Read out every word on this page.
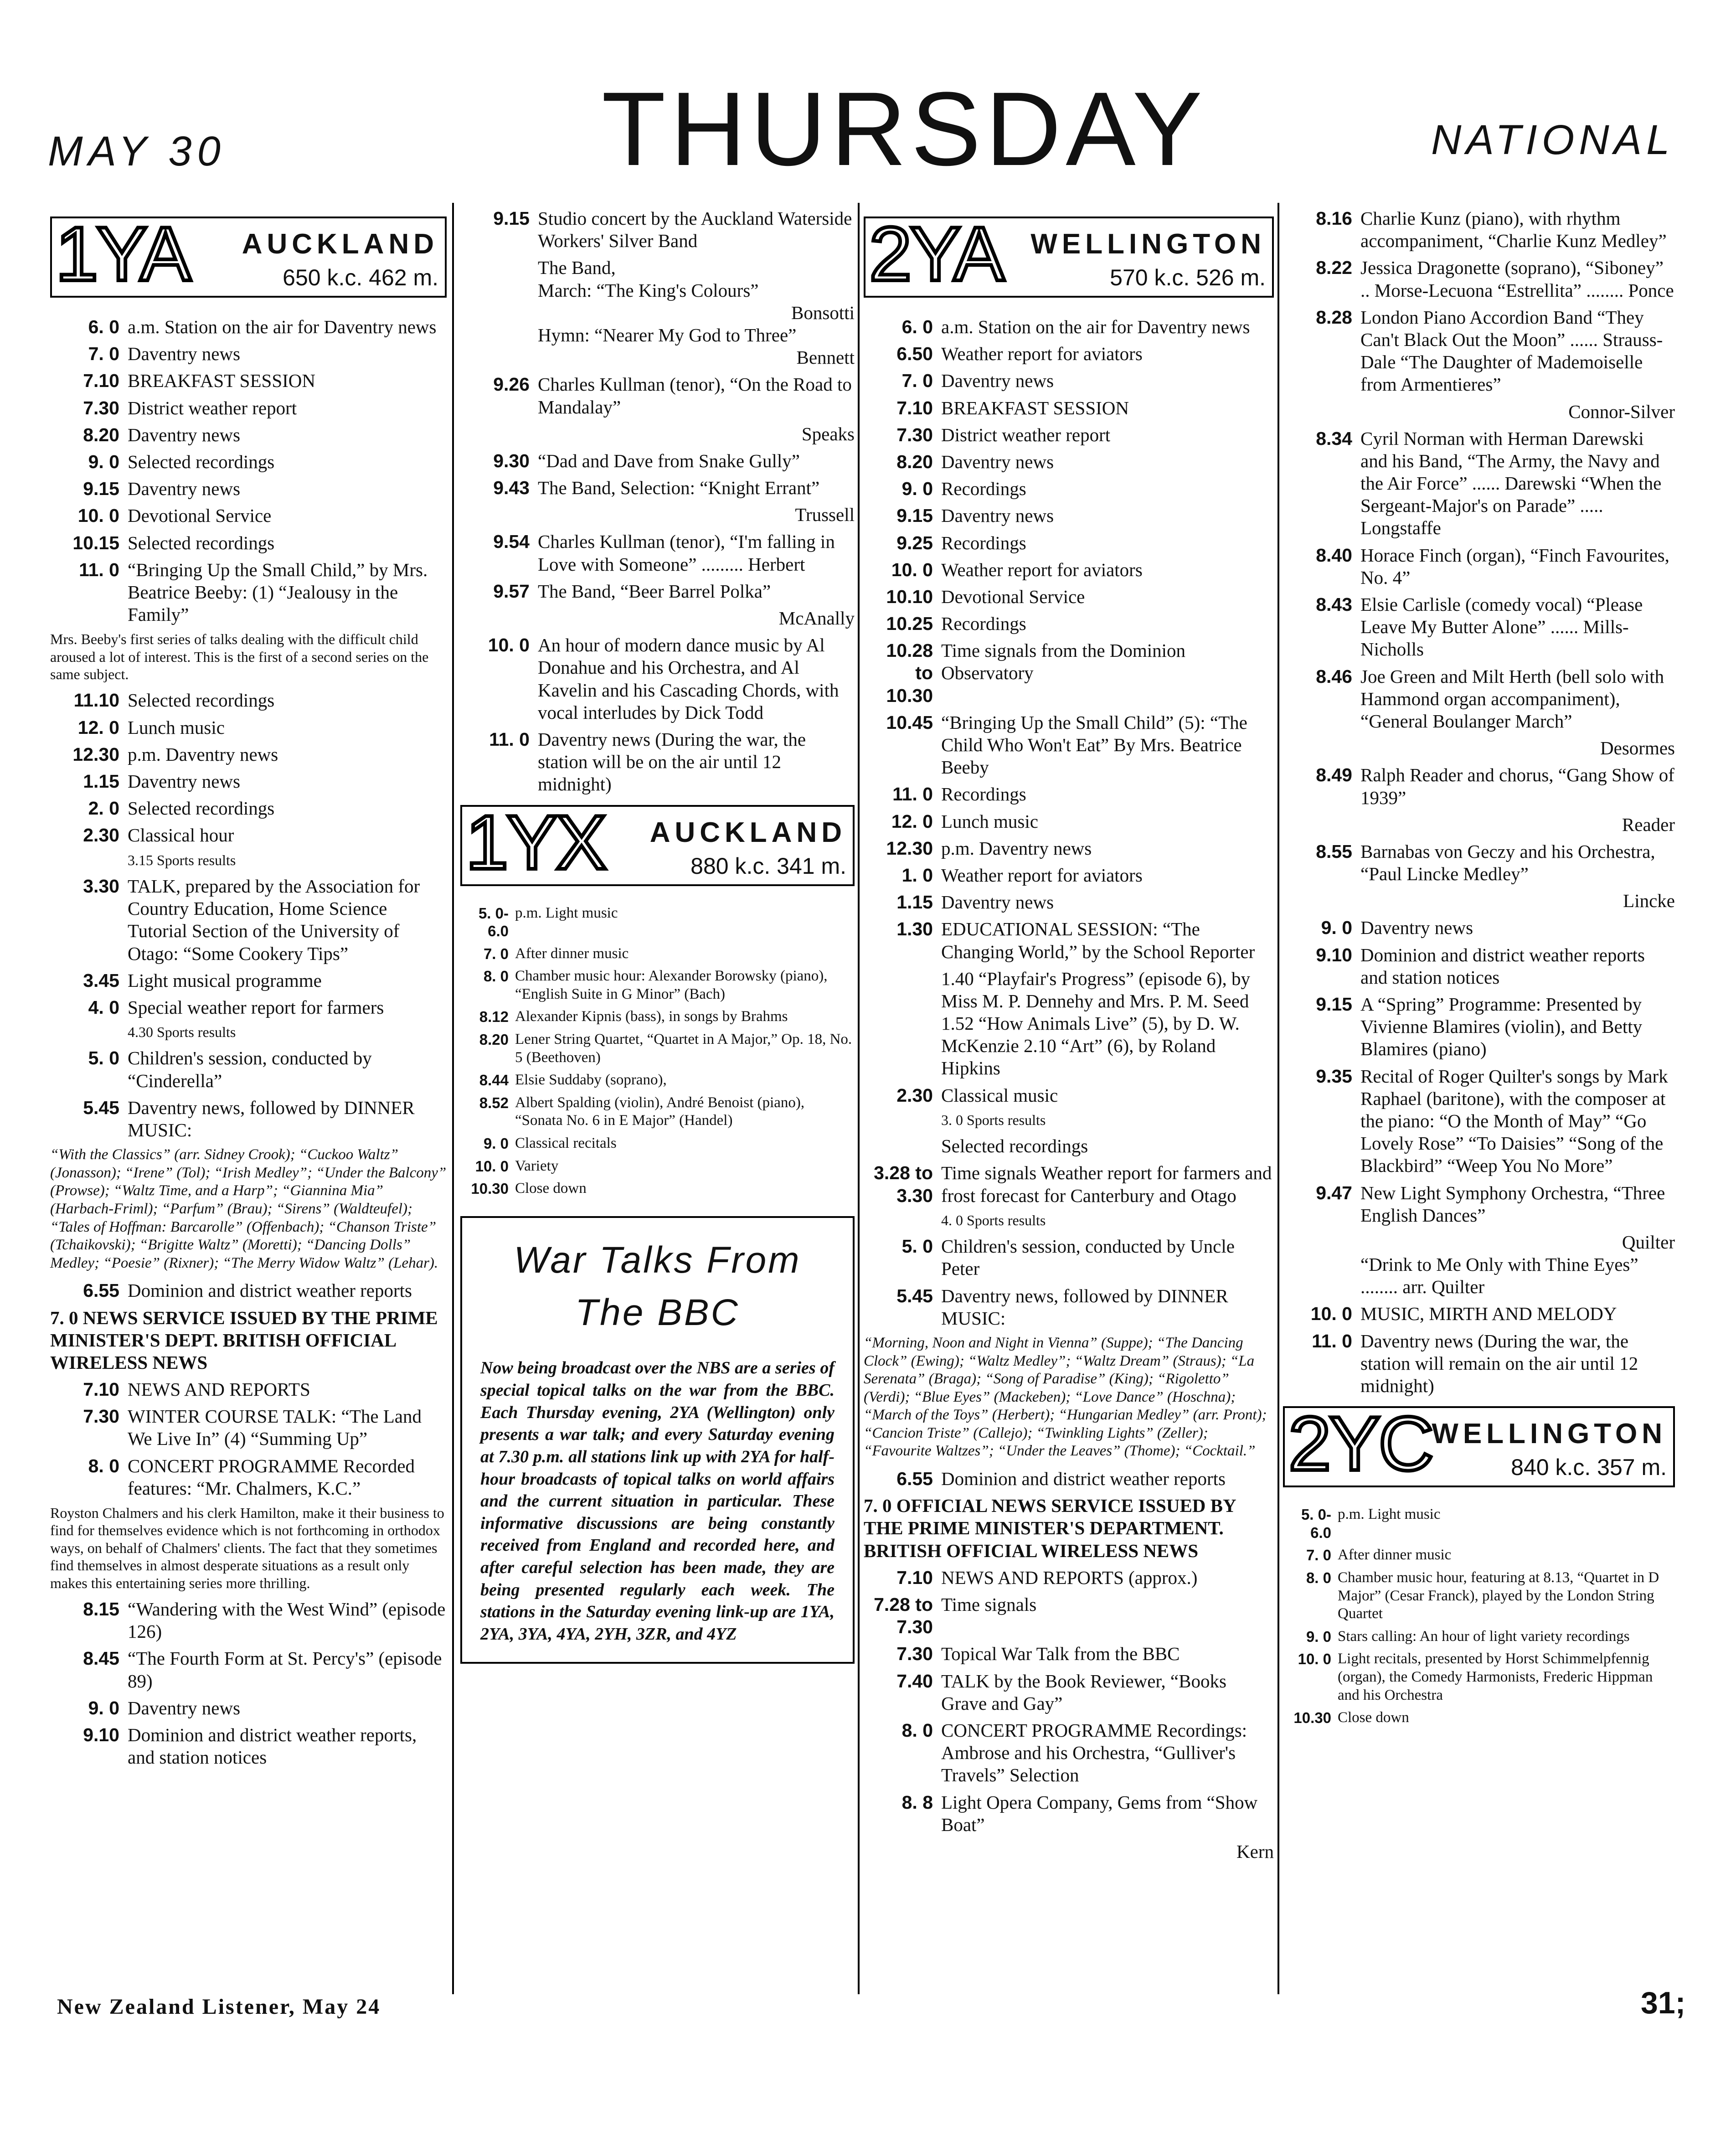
THURSDAY
MAY 30	NATIONAL
1YA AUCKLAND
650 k.c. 462 m.
6. 0 a.m. Station on the air for Daventry news
7. 0 Daventry news
7.10 BREAKFAST SESSION
7.30 District weather report
8.20 Daventry news
9. 0 Selected recordings
9.15 Daventry news
10. 0 Devotional Service
10.15 Selected recordings
11. 0 “Bringing Up the Small Child,” by Mrs. Beatrice Beeby: (1) “Jealousy in the Family”
Mrs. Beeby's first series of talks dealing with the difficult child aroused a lot of interest. This is the first of a second series on the same subject.
11.10 Selected recordings
12. 0 Lunch music
12.30 p.m. Daventry news
1.15 Daventry news
2. 0 Selected recordings
2.30 Classical hour
3.15 Sports results
3.30 TALK, prepared by the Association for Country Education, Home Science Tutorial Section of the University of Otago: “Some Cookery Tips”
3.45 Light musical programme
4. 0 Special weather report for farmers
4.30 Sports results
5. 0 Children's session, conducted by “Cinderella”
5.45 Daventry news, followed by DINNER MUSIC:
“With the Classics” (arr. Sidney Crook); “Cuckoo Waltz” (Jonasson); “Irene” (Tol); “Irish Medley”; “Under the Balcony” (Prowse); “Waltz Time, and a Harp”; “Giannina Mia” (Harbach-Friml); “Parfum” (Brau); “Sirens” (Waldteufel); “Tales of Hoffman: Barcarolle” (Offenbach); “Chanson Triste” (Tchaikovski); “Brigitte Waltz” (Moretti); “Dancing Dolls” Medley; “Poesie” (Rixner); “The Merry Widow Waltz” (Lehar).
6.55 Dominion and district weather reports
7. 0 NEWS SERVICE ISSUED BY THE PRIME MINISTER'S DEPT. BRITISH OFFICIAL WIRELESS NEWS
7.10 NEWS AND REPORTS
7.30 WINTER COURSE TALK: “The Land We Live In” (4) “Summing Up”
8. 0 CONCERT PROGRAMME Recorded features: “Mr. Chalmers, K.C.”
Royston Chalmers and his clerk Hamilton, make it their business to find for themselves evidence which is not forthcoming in orthodox ways, on behalf of Chalmers' clients. The fact that they sometimes find themselves in almost desperate situations as a result only makes this entertaining series more thrilling.
8.15 “Wandering with the West Wind” (episode 126)
8.45 “The Fourth Form at St. Percy's” (episode 89)
9. 0 Daventry news
9.10 Dominion and district weather reports, and station notices
9.15 Studio concert by the Auckland Waterside Workers' Silver Band
The Band,
March: “The King's Colours”
Bonsotti
Hymn: “Nearer My God to Three”
Bennett
9.26 Charles Kullman (tenor), “On the Road to Mandalay”
Speaks
9.30 “Dad and Dave from Snake Gully”
9.43 The Band, Selection: “Knight Errant”
Trussell
9.54 Charles Kullman (tenor), “I'm falling in Love with Someone” ......... Herbert
9.57 The Band, “Beer Barrel Polka”
McAnally
10. 0 An hour of modern dance music by Al Donahue and his Orchestra, and Al Kavelin and his Cascading Chords, with vocal interludes by Dick Todd
11. 0 Daventry news (During the war, the station will be on the air until 12 midnight)
1YX AUCKLAND
880 k.c. 341 m.
5. 0-6.0
p.m. Light music
7. 0 After dinner music
8. 0 Chamber music hour: Alexander Borowsky (piano), “English Suite in G Minor” (Bach)
8.12 Alexander Kipnis (bass), in songs by Brahms
8.20 Lener String Quartet, “Quartet in A Major,” Op. 18, No. 5 (Beethoven)
8.44 Elsie Suddaby (soprano),
8.52 Albert Spalding (violin), André Benoist (piano), “Sonata No. 6 in E Major” (Handel)
9. 0 Classical recitals
10. 0 Variety
10.30 Close down
War Talks From
The BBC
Now being broadcast over the NBS are a series of special topical talks on the war from the BBC. Each Thursday evening, 2YA (Wellington) only presents a war talk; and every Saturday evening at 7.30 p.m. all stations link up with 2YA for half-hour broadcasts of topical talks on world affairs and the current situation in particular. These informative discussions are being constantly received from England and recorded here, and after careful selection has been made, they are being presented regularly each week. The stations in the Saturday evening link-up are 1YA, 2YA, 3YA, 4YA, 2YH, 3ZR, and 4YZ
2YA WELLINGTON
570 k.c. 526 m.
6. 0 a.m. Station on the air for Daventry news
6.50 Weather report for aviators
7. 0 Daventry news
7.10 BREAKFAST SESSION
7.30 District weather report
8.20 Daventry news
9. 0 Recordings
9.15 Daventry news
9.25 Recordings
10. 0 Weather report for aviators
10.10 Devotional Service
10.25 Recordings
10.28 to 10.30
Time signals from the Dominion Observatory
10.45 “Bringing Up the Small Child” (5): “The Child Who Won't Eat” By Mrs. Beatrice Beeby
11. 0 Recordings
12. 0 Lunch music
12.30 p.m. Daventry news
1. 0 Weather report for aviators
1.15 Daventry news
1.30 EDUCATIONAL SESSION: “The Changing World,” by the School Reporter
1.40 “Playfair's Progress” (episode 6), by Miss M. P. Dennehy and Mrs. P. M. Seed 1.52 “How Animals Live” (5), by D. W. McKenzie 2.10 “Art” (6), by Roland Hipkins
2.30 Classical music
3. 0 Sports results
Selected recordings
3.28 to 3.30
Time signals Weather report for farmers and frost forecast for Canterbury and Otago
4. 0 Sports results
5. 0 Children's session, conducted by Uncle Peter
5.45 Daventry news, followed by DINNER MUSIC:
“Morning, Noon and Night in Vienna” (Suppe); “The Dancing Clock” (Ewing); “Waltz Medley”; “Waltz Dream” (Straus); “La Serenata” (Braga); “Song of Paradise” (King); “Rigoletto” (Verdi); “Blue Eyes” (Mackeben); “Love Dance” (Hoschna); “March of the Toys” (Herbert); “Hungarian Medley” (arr. Pront); “Cancion Triste” (Callejo); “Twinkling Lights” (Zeller); “Favourite Waltzes”; “Under the Leaves” (Thome); “Cocktail.”
6.55 Dominion and district weather reports
7. 0 OFFICIAL NEWS SERVICE ISSUED BY THE PRIME MINISTER'S DEPARTMENT. BRITISH OFFICIAL WIRELESS NEWS
7.10 NEWS AND REPORTS (approx.)
7.28 to 7.30
Time signals
7.30 Topical War Talk from the BBC
7.40 TALK by the Book Reviewer, “Books Grave and Gay”
8. 0 CONCERT PROGRAMME Recordings: Ambrose and his Orchestra, “Gulliver's Travels” Selection
8. 8 Light Opera Company, Gems from “Show Boat”
Kern
8.16 Charlie Kunz (piano), with rhythm accompaniment, “Charlie Kunz Medley”
8.22 Jessica Dragonette (soprano), “Siboney” .. Morse-Lecuona “Estrellita” ........ Ponce
8.28 London Piano Accordion Band “They Can't Black Out the Moon” ...... Strauss-Dale “The Daughter of Mademoiselle from Armentieres”
Connor-Silver
8.34 Cyril Norman with Herman Darewski and his Band, “The Army, the Navy and the Air Force” ...... Darewski “When the Sergeant-Major's on Parade” ..... Longstaffe
8.40 Horace Finch (organ), “Finch Favourites, No. 4”
8.43 Elsie Carlisle (comedy vocal) “Please Leave My Butter Alone” ...... Mills-Nicholls
8.46 Joe Green and Milt Herth (bell solo with Hammond organ accompaniment), “General Boulanger March”
Desormes
8.49 Ralph Reader and chorus, “Gang Show of 1939”
Reader
8.55 Barnabas von Geczy and his Orchestra, “Paul Lincke Medley”
Lincke
9. 0 Daventry news
9.10 Dominion and district weather reports and station notices
9.15 A “Spring” Programme: Presented by Vivienne Blamires (violin), and Betty Blamires (piano)
9.35 Recital of Roger Quilter's songs by Mark Raphael (baritone), with the composer at the piano: “O the Month of May” “Go Lovely Rose” “To Daisies” “Song of the Blackbird” “Weep You No More”
9.47 New Light Symphony Orchestra, “Three English Dances”
Quilter
“Drink to Me Only with Thine Eyes” ........ arr. Quilter
10. 0 MUSIC, MIRTH AND MELODY
11. 0 Daventry news (During the war, the station will remain on the air until 12 midnight)
2YC WELLINGTON
840 k.c. 357 m.
5. 0-6.0
p.m. Light music
7. 0 After dinner music
8. 0 Chamber music hour, featuring at 8.13, “Quartet in D Major” (Cesar Franck), played by the London String Quartet
9. 0 Stars calling: An hour of light variety recordings
10. 0 Light recitals, presented by Horst Schimmelpfennig (organ), the Comedy Harmonists, Frederic Hippman and his Orchestra
10.30 Close down
New Zealand Listener, May 24	31;
